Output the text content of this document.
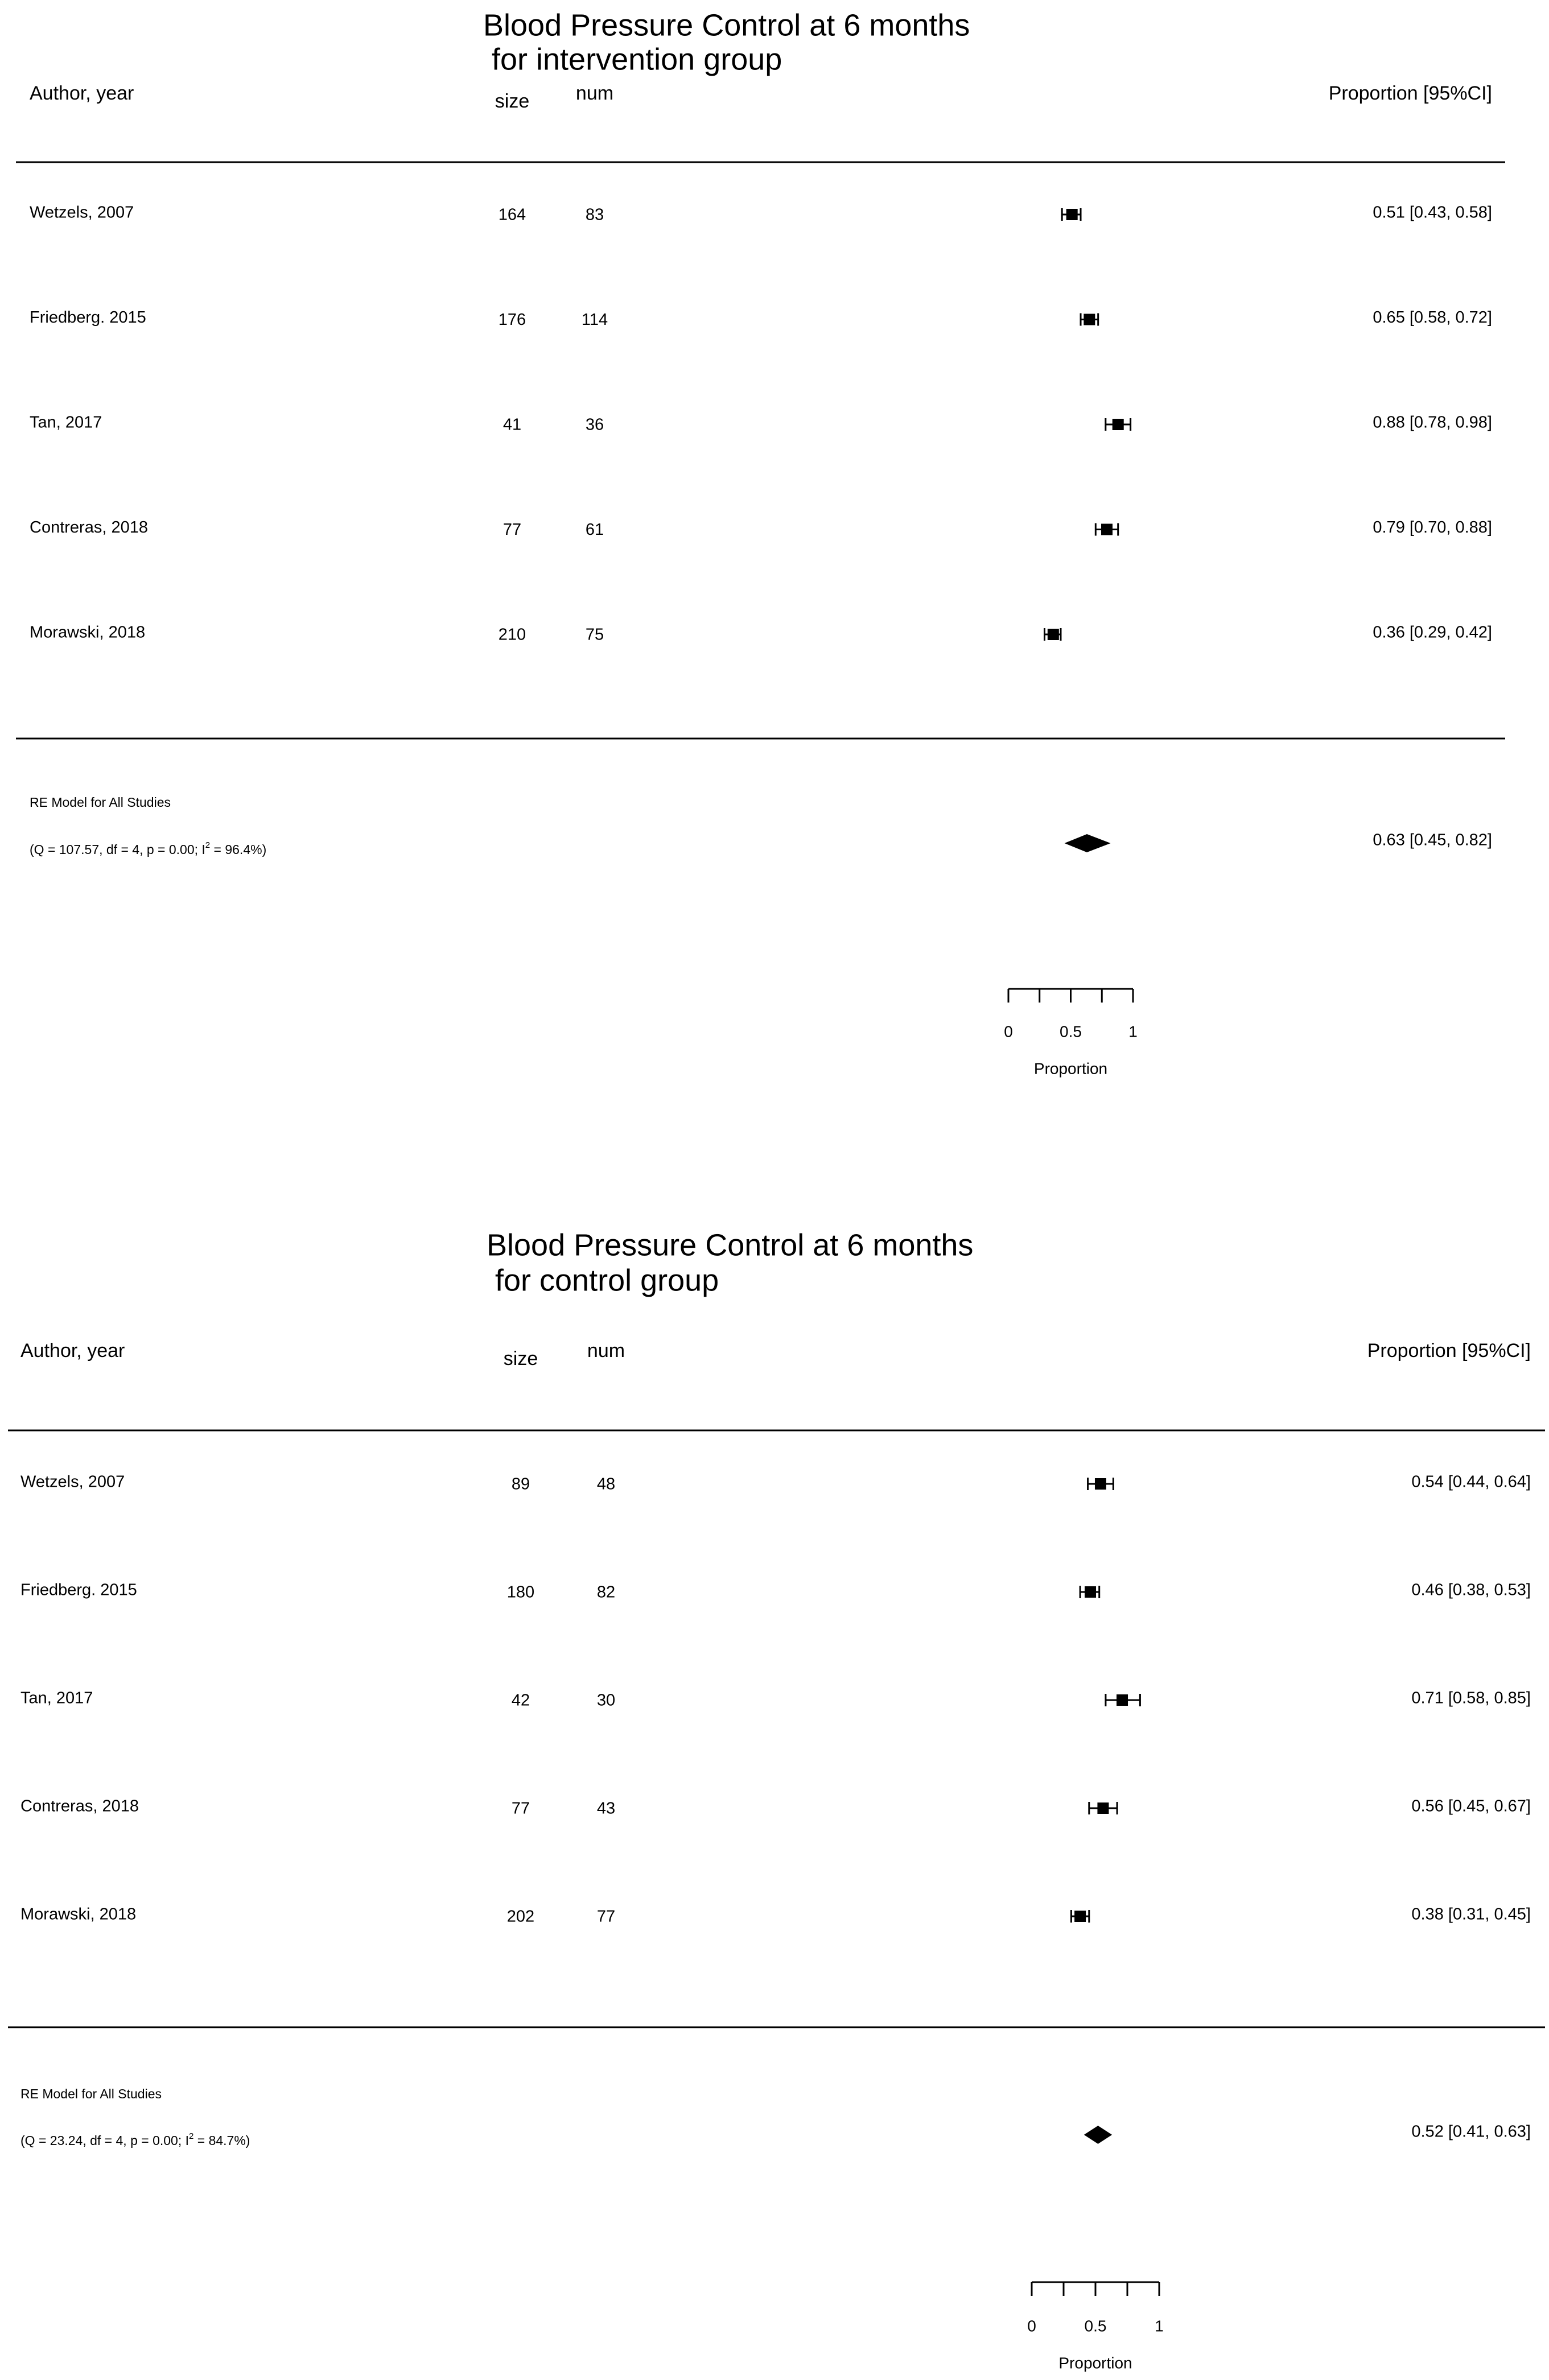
Blood Pressure Control at 6 months
for intervention group
Author, year	size num	Proportion [95%CI]
Wetzels, 2007	164	83	0.51 [0.43, 0.58]
Friedberg. 2015	176	114	0.65 [0.58, 0.72]
Tan, 2017	41	36	0.88 [0.78, 0.98]
Contreras, 2018	77	61	0.79 [0.70, 0.88]
Morawski, 2018	210	75	0.36 [0.29, 0.42]
RE Model for All Studies
(Q = 107.57, df = 4, p = 0.00; $I^2 = 96.4\%$)
0.63 [0.45, 0.82]
0	0.5	1
Proportion
Blood Pressure Control at 6 months
for control group
Author, year	size	num	Proportion [95%CI]
Wetzels, 2007	89	48	0.54 [0.44, 0.64]
Friedberg. 2015	180	82	0.46 [0.38, 0.53]
Tan, 2017	42	30	0.71 [0.58, 0.85]
Contreras, 2018	77	43	0.56 [0.45, 0.67]
Morawski, 2018	202	77	0.38 [0.31, 0.45]
RE Model for All Studies
(Q = 23.24, df = 4, p = 0.00; $I^2 = 84.7\%$)	0.52 [0.41, 0.63]
0	0.5	1
Proportion
